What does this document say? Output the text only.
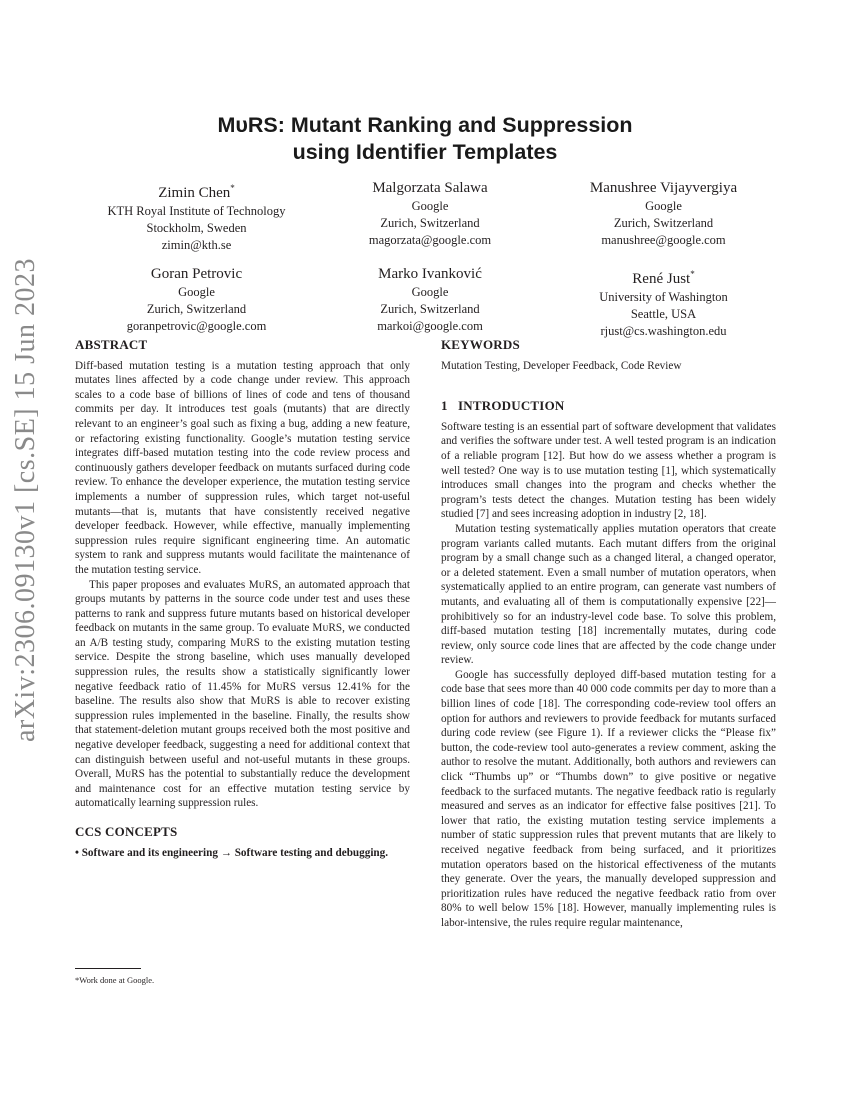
arXiv:2306.09130v1 [cs.SE] 15 Jun 2023
MᴜRS: Mutant Ranking and Suppression
using Identifier Templates
Zimin Chen*
KTH Royal Institute of Technology
Stockholm, Sweden
zimin@kth.se
Malgorzata Salawa
Google
Zurich, Switzerland
magorzata@google.com
Manushree Vijayvergiya
Google
Zurich, Switzerland
manushree@google.com
Goran Petrovic
Google
Zurich, Switzerland
goranpetrovic@google.com
Marko Ivanković
Google
Zurich, Switzerland
markoi@google.com
René Just*
University of Washington
Seattle, USA
rjust@cs.washington.edu
ABSTRACT

Diff-based mutation testing is a mutation testing approach that only mutates lines affected by a code change under review. This approach scales to a code base of billions of lines of code and tens of thousand commits per day. It introduces test goals (mutants) that are directly relevant to an engineer’s goal such as fixing a bug, adding a new feature, or refactoring existing functionality. Google’s mutation testing service integrates diff-based mutation testing into the code review process and continuously gathers developer feedback on mutants surfaced during code review. To enhance the developer experience, the mutation testing service implements a number of suppression rules, which target not-useful mutants—that is, mutants that have consistently received negative developer feedback. However, while effective, manually implementing suppression rules require significant engineering time. An automatic system to rank and suppress mutants would facilitate the maintenance of the mutation testing service.

This paper proposes and evaluates MᴜRS, an automated approach that groups mutants by patterns in the source code under test and uses these patterns to rank and suppress future mutants based on historical developer feedback on mutants in the same group. To evaluate MᴜRS, we conducted an A/B testing study, comparing MᴜRS to the existing mutation testing service. Despite the strong baseline, which uses manually developed suppression rules, the results show a statistically significantly lower negative feedback ratio of 11.45% for MᴜRS versus 12.41% for the baseline. The results also show that MᴜRS is able to recover existing suppression rules implemented in the baseline. Finally, the results show that statement-deletion mutant groups received both the most positive and negative developer feedback, suggesting a need for additional context that can distinguish between useful and not-useful mutants in these groups. Overall, MᴜRS has the potential to substantially reduce the development and maintenance cost for an effective mutation testing service by automatically learning suppression rules.

CCS CONCEPTS

• Software and its engineering → Software testing and debugging.

*Work done at Google.
KEYWORDS

Mutation Testing, Developer Feedback, Code Review

1   INTRODUCTION

Software testing is an essential part of software development that validates and verifies the software under test. A well tested program is an indication of a reliable program [12]. But how do we assess whether a program is well tested? One way is to use mutation testing [1], which systematically introduces small changes into the program and checks whether the program’s tests detect the changes. Mutation testing has been widely studied [7] and sees increasing adoption in industry [2, 18].

Mutation testing systematically applies mutation operators that create program variants called mutants. Each mutant differs from the original program by a small change such as a changed literal, a changed operator, or a deleted statement. Even a small number of mutation operators, when systematically applied to an entire program, can generate vast numbers of mutants, and evaluating all of them is computationally expensive [22]—prohibitively so for an industry-level code base. To solve this problem, diff-based mutation testing [18] incrementally mutates, during code review, only source code lines that are affected by the code change under review.

Google has successfully deployed diff-based mutation testing for a code base that sees more than 40 000 code commits per day to more than a billion lines of code [18]. The corresponding code-review tool offers an option for authors and reviewers to provide feedback for mutants surfaced during code review (see Figure 1). If a reviewer clicks the “Please fix” button, the code-review tool auto-generates a review comment, asking the author to resolve the mutant. Additionally, both authors and reviewers can click “Thumbs up” or “Thumbs down” to give positive or negative feedback to the surfaced mutants. The negative feedback ratio is regularly measured and serves as an indicator for effective false positives [21]. To lower that ratio, the existing mutation testing service implements a number of static suppression rules that prevent mutants that are likely to received negative feedback from being surfaced, and it prioritizes mutation operators based on the historical effectiveness of the mutants they generate. Over the years, the manually developed suppression and prioritization rules have reduced the negative feedback ratio from over 80% to well below 15% [18]. However, manually implementing rules is labor-intensive, the rules require regular maintenance,
